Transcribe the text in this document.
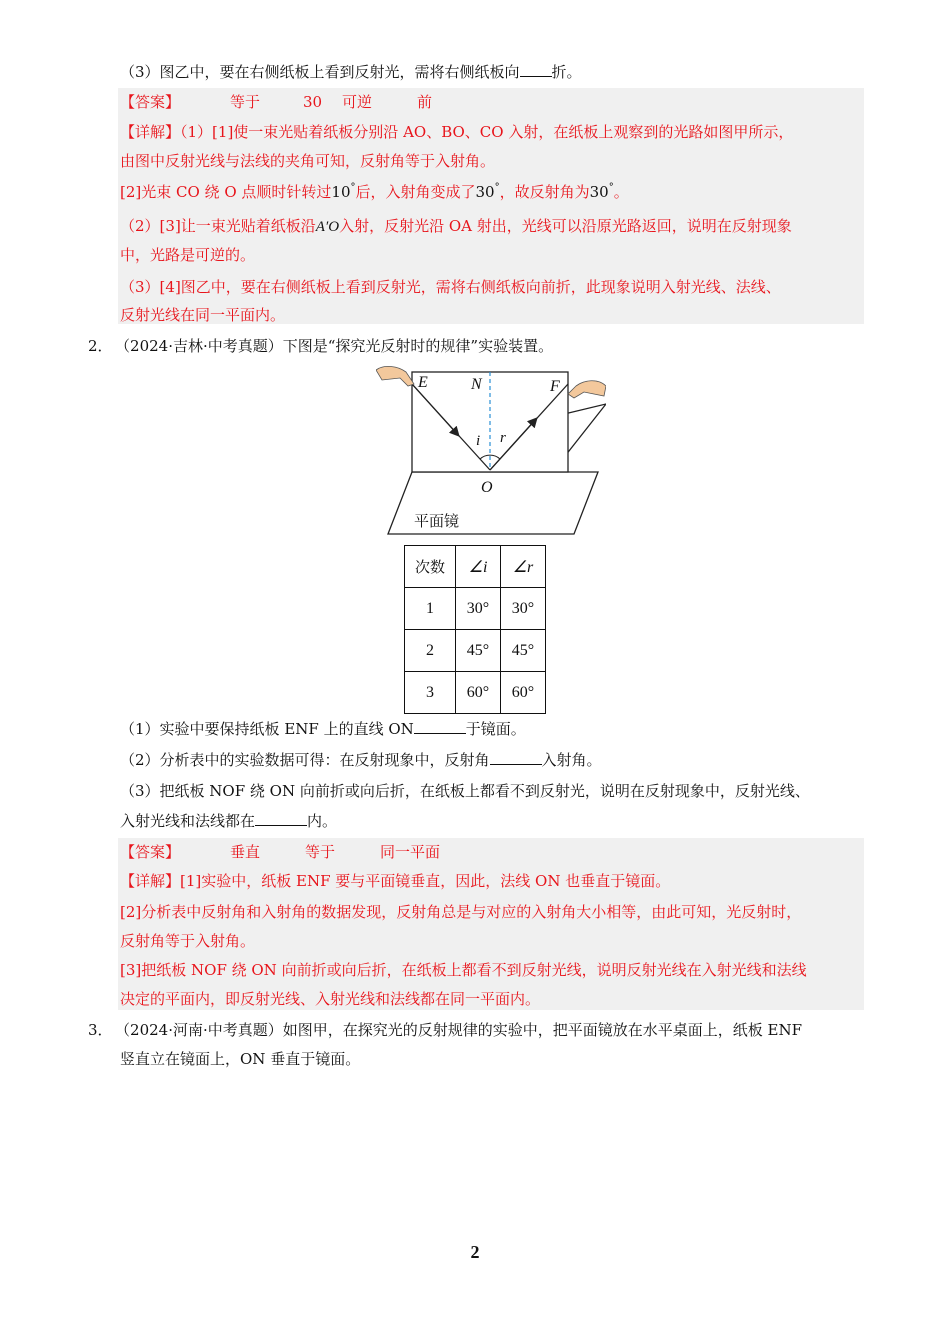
（3）图乙中，要在右侧纸板上看到反射光，需将右侧纸板向 折。
【答案】	等于	30 可逆	前
【详解】（1）[1]使一束光贴着纸板分别沿 AO、BO、CO 入射，在纸板上观察到的光路如图甲所示，
由图中反射光线与法线的夹角可知，反射角等于入射角。
[2]光束 CO 绕 O 点顺时针转过10°后，入射角变成了30°，故反射角为30°。
（2）[3]让一束光贴着纸板沿A′O入射，反射光沿 OA 射出，光线可以沿原光路返回，说明在反射现象
中，光路是可逆的。
（3）[4]图乙中，要在右侧纸板上看到反射光，需将右侧纸板向前折，此现象说明入射光线、法线、
反射光线在同一平面内。
2． （2024·吉林·中考真题）下图是“探究光反射时的规律”实验装置。
E	N	F
i r
O
平面镜
次数	∠i	∠r
1	30°	30°
2	45°	45°
3	60°	60°
（1）实验中要保持纸板 ENF 上的直线 ON	于镜面。
（2）分析表中的实验数据可得：在反射现象中，反射角	入射角。
（3）把纸板 NOF 绕 ON 向前折或向后折，在纸板上都看不到反射光，说明在反射现象中，反射光线、
入射光线和法线都在	内。
【答案】	垂直	等于	同一平面
【详解】[1]实验中，纸板 ENF 要与平面镜垂直，因此，法线 ON 也垂直于镜面。
[2]分析表中反射角和入射角的数据发现，反射角总是与对应的入射角大小相等，由此可知，光反射时，
反射角等于入射角。
[3]把纸板 NOF 绕 ON 向前折或向后折，在纸板上都看不到反射光线，说明反射光线在入射光线和法线
决定的平面内，即反射光线、入射光线和法线都在同一平面内。
3． （2024·河南·中考真题）如图甲，在探究光的反射规律的实验中，把平面镜放在水平桌面上，纸板 ENF
竖直立在镜面上，ON 垂直于镜面。
2
